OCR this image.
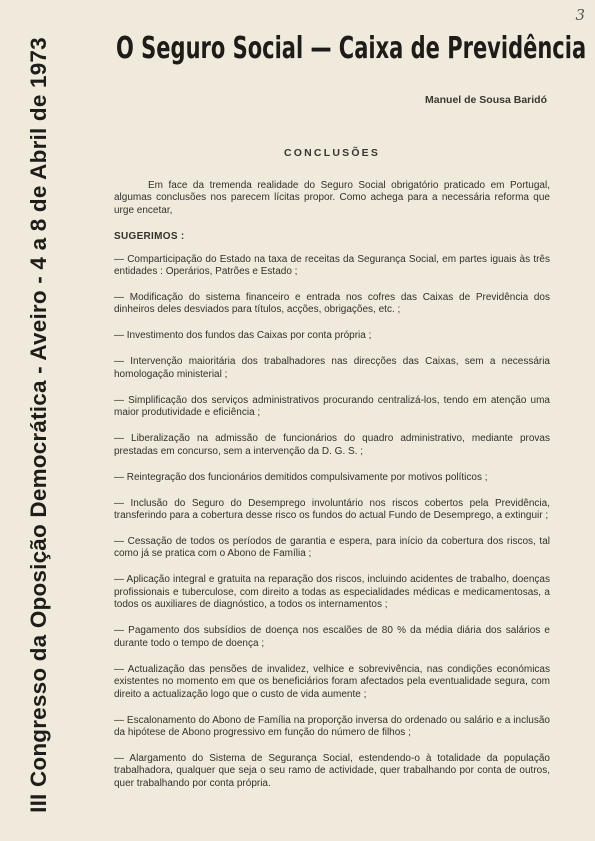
3
III Congresso da Oposição Democrática - Aveiro - 4 a 8 de Abril de 1973 O Seguro Social — Caixa de Previdência
Manuel de Sousa Baridó
CONCLUSÕES

Em face da tremenda realidade do Seguro Social obrigatório praticado em Portugal, algumas conclusões nos parecem lícitas propor. Como achega para a necessária reforma que urge encetar,

SUGERIMOS :
— Comparticipação do Estado na taxa de receitas da Segurança Social, em partes iguais às três entidades : Operários, Patrões e Estado ;
— Modificação do sistema financeiro e entrada nos cofres das Caixas de Previdência dos dinheiros deles desviados para títulos, acções, obrigações, etc. ;
— Investimento dos fundos das Caixas por conta própria ;
— Intervenção maioritária dos trabalhadores nas direcções das Caixas, sem a necessária homologação ministerial ;
— Simplificação dos serviços administrativos procurando centralizá-los, tendo em atenção uma maior produtividade e eficiência ;
— Liberalização na admissão de funcionários do quadro administrativo, mediante provas prestadas em concurso, sem a intervenção da D. G. S. ;
— Reintegração dos funcionários demitidos compulsivamente por motivos políticos ;
— Inclusão do Seguro do Desemprego involuntário nos riscos cobertos pela Previdência, transferindo para a cobertura desse risco os fundos do actual Fundo de Desemprego, a extinguir ;
— Cessação de todos os períodos de garantia e espera, para início da cobertura dos riscos, tal como já se pratica com o Abono de Família ;
— Aplicação integral e gratuita na reparação dos riscos, incluindo acidentes de trabalho, doenças profissionais e tuberculose, com direito a todas as especialidades médicas e medicamentosas, a todos os auxiliares de diagnóstico, a todos os internamentos ;
— Pagamento dos subsídios de doença nos escalões de 80 % da média diária dos salários e durante todo o tempo de doença ;
— Actualização das pensões de invalidez, velhice e sobrevivência, nas condições económicas existentes no momento em que os beneficiários foram afectados pela eventualidade segura, com direito a actualização logo que o custo de vida aumente ;
— Escalonamento do Abono de Família na proporção inversa do ordenado ou salário e a inclusão da hipótese de Abono progressivo em função do número de filhos ;
— Alargamento do Sistema de Segurança Social, estendendo-o à totalidade da população trabalhadora, qualquer que seja o seu ramo de actividade, quer trabalhando por conta de outros, quer trabalhando por conta própria.
